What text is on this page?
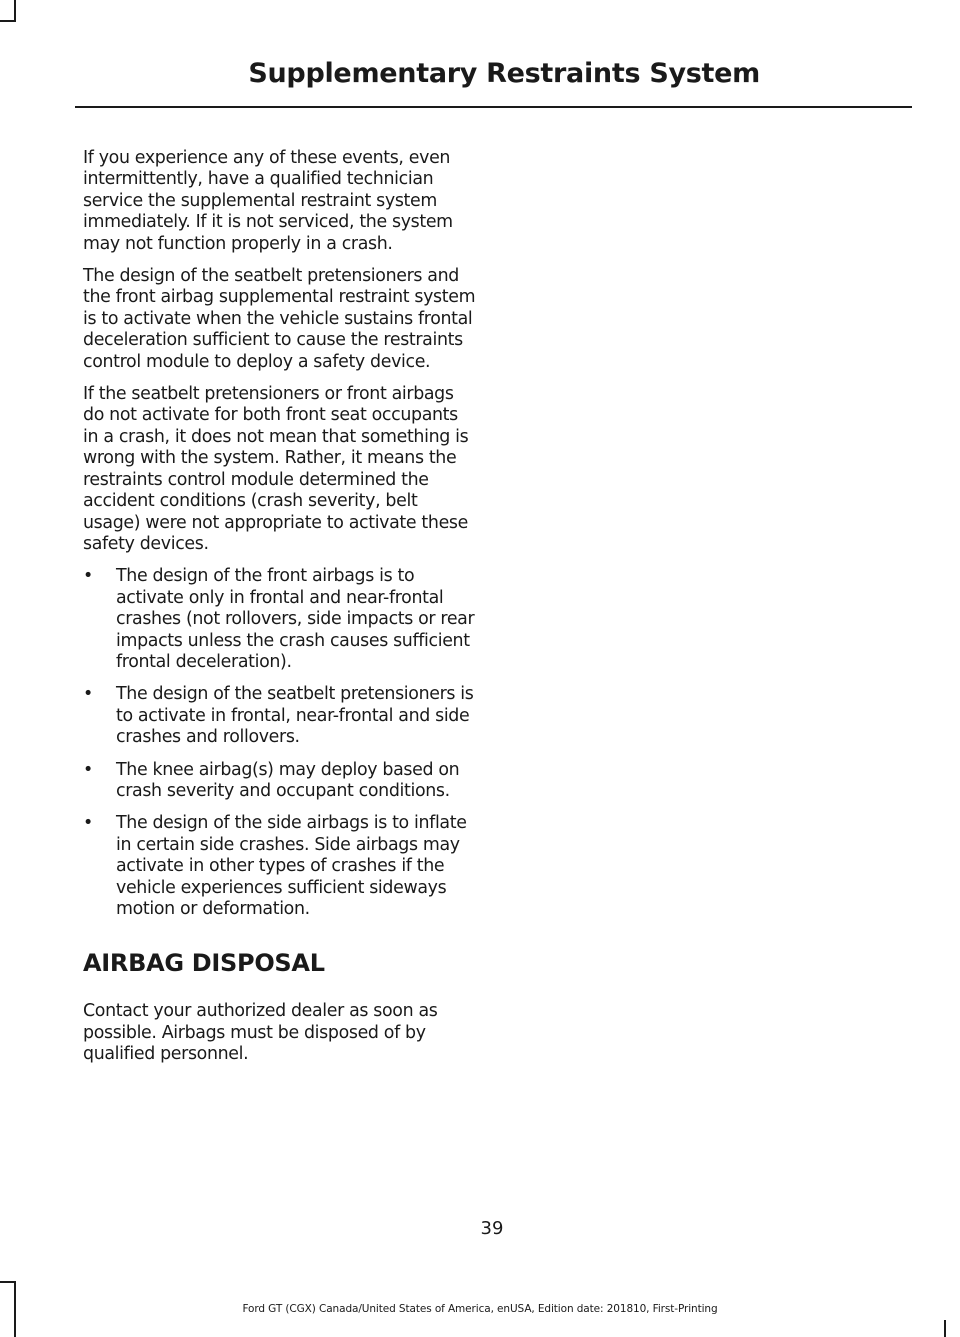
Supplementary Restraints System

If you experience any of these events, even intermittently, have a qualified technician service the supplemental restraint system immediately. If it is not serviced, the system may not function properly in a crash.

The design of the seatbelt pretensioners and the front airbag supplemental restraint system is to activate when the vehicle sustains frontal deceleration sufficient to cause the restraints control module to deploy a safety device.

If the seatbelt pretensioners or front airbags do not activate for both front seat occupants in a crash, it does not mean that something is wrong with the system. Rather, it means the restraints control module determined the accident conditions (crash severity, belt usage) were not appropriate to activate these safety devices.

• The design of the front airbags is to activate only in frontal and near-frontal crashes (not rollovers, side impacts or rear impacts unless the crash causes sufficient frontal deceleration).
• The design of the seatbelt pretensioners is to activate in frontal, near-frontal and side crashes and rollovers.
• The knee airbag(s) may deploy based on crash severity and occupant conditions.
• The design of the side airbags is to inflate in certain side crashes. Side airbags may activate in other types of crashes if the vehicle experiences sufficient sideways motion or deformation.
AIRBAG DISPOSAL

Contact your authorized dealer as soon as possible. Airbags must be disposed of by qualified personnel.

39
Ford GT (CGX) Canada/United States of America, enUSA, Edition date: 201810, First-Printing
